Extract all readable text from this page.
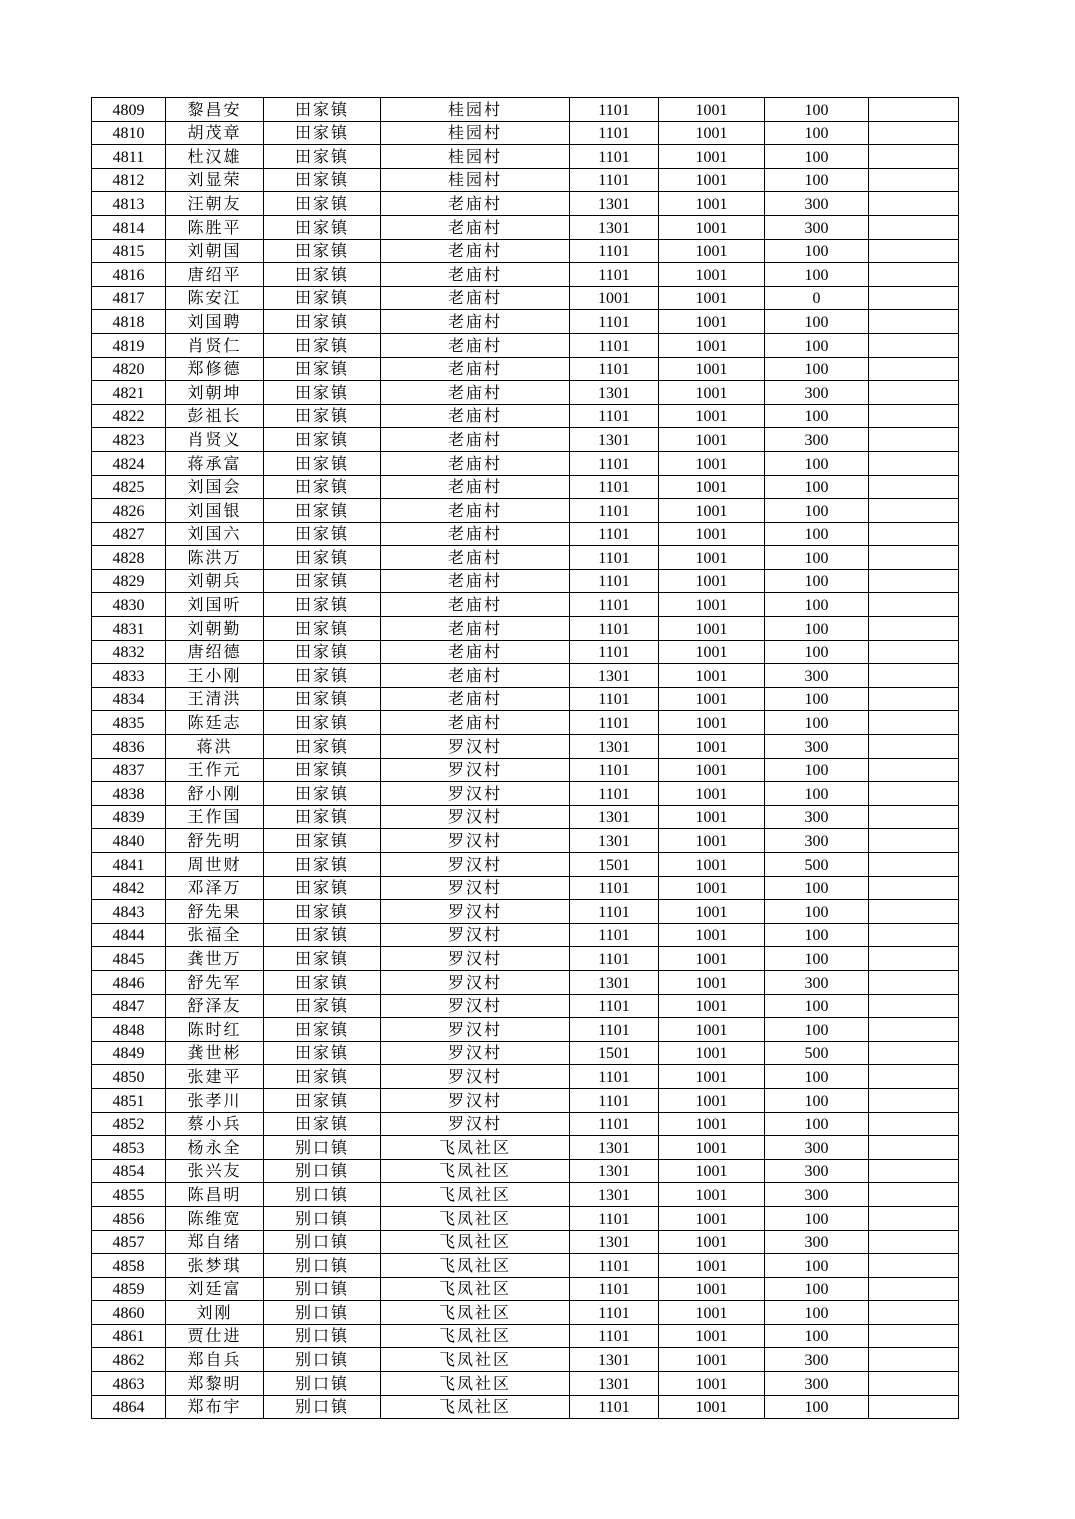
4809	黎昌安	田家镇	桂园村	1101	1001	100	
4810	胡茂章	田家镇	桂园村	1101	1001	100	
4811	杜汉雄	田家镇	桂园村	1101	1001	100	
4812	刘显荣	田家镇	桂园村	1101	1001	100	
4813	汪朝友	田家镇	老庙村	1301	1001	300	
4814	陈胜平	田家镇	老庙村	1301	1001	300	
4815	刘朝国	田家镇	老庙村	1101	1001	100	
4816	唐绍平	田家镇	老庙村	1101	1001	100	
4817	陈安江	田家镇	老庙村	1001	1001	0	
4818	刘国聘	田家镇	老庙村	1101	1001	100	
4819	肖贤仁	田家镇	老庙村	1101	1001	100	
4820	郑修德	田家镇	老庙村	1101	1001	100	
4821	刘朝坤	田家镇	老庙村	1301	1001	300	
4822	彭祖长	田家镇	老庙村	1101	1001	100	
4823	肖贤义	田家镇	老庙村	1301	1001	300	
4824	蒋承富	田家镇	老庙村	1101	1001	100	
4825	刘国会	田家镇	老庙村	1101	1001	100	
4826	刘国银	田家镇	老庙村	1101	1001	100	
4827	刘国六	田家镇	老庙村	1101	1001	100	
4828	陈洪万	田家镇	老庙村	1101	1001	100	
4829	刘朝兵	田家镇	老庙村	1101	1001	100	
4830	刘国听	田家镇	老庙村	1101	1001	100	
4831	刘朝勤	田家镇	老庙村	1101	1001	100	
4832	唐绍德	田家镇	老庙村	1101	1001	100	
4833	王小刚	田家镇	老庙村	1301	1001	300	
4834	王清洪	田家镇	老庙村	1101	1001	100	
4835	陈廷志	田家镇	老庙村	1101	1001	100	
4836	蒋洪	田家镇	罗汉村	1301	1001	300	
4837	王作元	田家镇	罗汉村	1101	1001	100	
4838	舒小刚	田家镇	罗汉村	1101	1001	100	
4839	王作国	田家镇	罗汉村	1301	1001	300	
4840	舒先明	田家镇	罗汉村	1301	1001	300	
4841	周世财	田家镇	罗汉村	1501	1001	500	
4842	邓泽万	田家镇	罗汉村	1101	1001	100	
4843	舒先果	田家镇	罗汉村	1101	1001	100	
4844	张福全	田家镇	罗汉村	1101	1001	100	
4845	龚世万	田家镇	罗汉村	1101	1001	100	
4846	舒先军	田家镇	罗汉村	1301	1001	300	
4847	舒泽友	田家镇	罗汉村	1101	1001	100	
4848	陈时红	田家镇	罗汉村	1101	1001	100	
4849	龚世彬	田家镇	罗汉村	1501	1001	500	
4850	张建平	田家镇	罗汉村	1101	1001	100	
4851	张孝川	田家镇	罗汉村	1101	1001	100	
4852	蔡小兵	田家镇	罗汉村	1101	1001	100	
4853	杨永全	别口镇	飞凤社区	1301	1001	300	
4854	张兴友	别口镇	飞凤社区	1301	1001	300	
4855	陈昌明	别口镇	飞凤社区	1301	1001	300	
4856	陈维宽	别口镇	飞凤社区	1101	1001	100	
4857	郑自绪	别口镇	飞凤社区	1301	1001	300	
4858	张梦琪	别口镇	飞凤社区	1101	1001	100	
4859	刘廷富	别口镇	飞凤社区	1101	1001	100	
4860	刘刚	别口镇	飞凤社区	1101	1001	100	
4861	贾仕进	别口镇	飞凤社区	1101	1001	100	
4862	郑自兵	别口镇	飞凤社区	1301	1001	300	
4863	郑黎明	别口镇	飞凤社区	1301	1001	300	
4864	郑布宇	别口镇	飞凤社区	1101	1001	100	
